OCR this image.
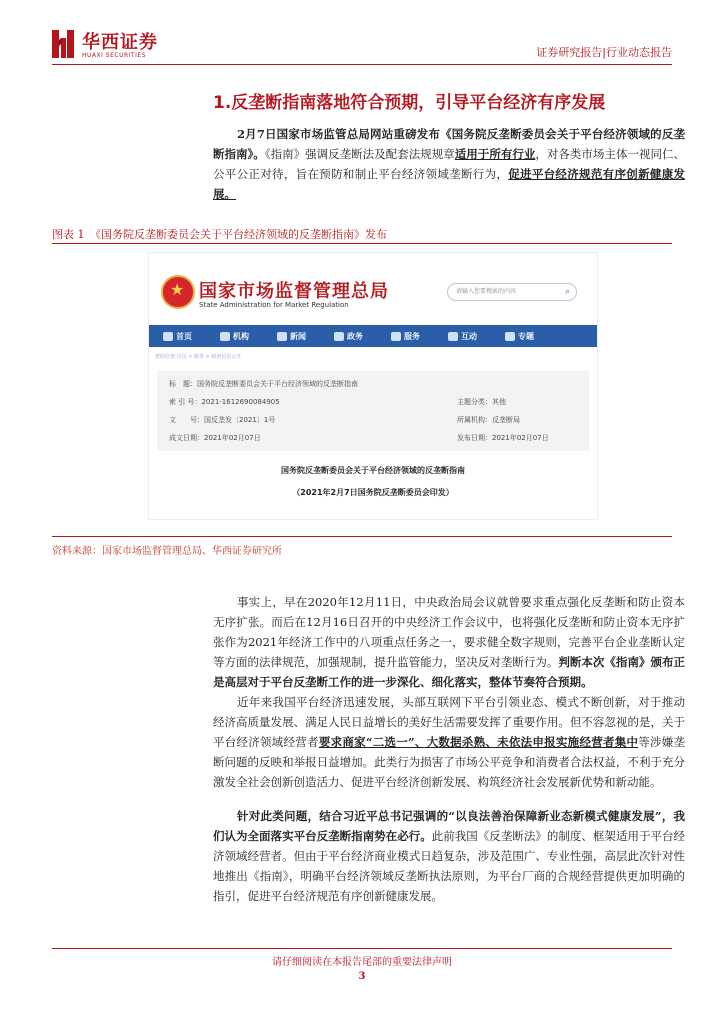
华西证券
HUAXI SECURITIES	证券研究报告|行业动态报告
1.反垄断指南落地符合预期，引导平台经济有序发展
2月7日国家市场监管总局网站重磅发布《国务院反垄断委员会关于平台经济领域的反垄断指南》。《指南》强调反垄断法及配套法规规章适用于所有行业，对各类市场主体一视同仁、公平公正对待，旨在预防和制止平台经济领域垄断行为，促进平台经济规范有序创新健康发展。
图表 1　《国务院反垄断委员会关于平台经济领域的反垄断指南》发布
★
国家市场监督管理总局
State Administration for Market Regulation
请输入您要搜索的内容	⌕
首页	机构	新闻	政务	服务	互动	专题
您的位置:首页 > 政务 > 政府信息公开
标　题：国务院反垄断委员会关于平台经济领域的反垄断指南
索 引 号：2021-1612690084905	主题分类：其他
文　　号：国反垄发〔2021〕1号	所属机构：反垄断局
成文日期：2021年02月07日	发布日期：2021年02月07日
国务院反垄断委员会关于平台经济领域的反垄断指南
（2021年2月7日国务院反垄断委员会印发）
资料来源：国家市场监督管理总局、华西证券研究所
事实上，早在2020年12月11日，中央政治局会议就曾要求重点强化反垄断和防止资本无序扩张。而后在12月16日召开的中央经济工作会议中，也将强化反垄断和防止资本无序扩张作为2021年经济工作中的八项重点任务之一，要求健全数字规则，完善平台企业垄断认定等方面的法律规范，加强规制，提升监管能力，坚决反对垄断行为。判断本次《指南》颁布正是高层对于平台反垄断工作的进一步深化、细化落实，整体节奏符合预期。
近年来我国平台经济迅速发展，头部互联网下平台引领业态、模式不断创新，对于推动经济高质量发展、满足人民日益增长的美好生活需要发挥了重要作用。但不容忽视的是，关于平台经济领域经营者要求商家“二选一”、大数据杀熟、未依法申报实施经营者集中等涉嫌垄断问题的反映和举报日益增加。此类行为损害了市场公平竞争和消费者合法权益，不利于充分激发全社会创新创造活力、促进平台经济创新发展、构筑经济社会发展新优势和新动能。
针对此类问题，结合习近平总书记强调的“以良法善治保障新业态新模式健康发展”，我们认为全面落实平台反垄断指南势在必行。此前我国《反垄断法》的制度、框架适用于平台经济领域经营者。但由于平台经济商业模式日趋复杂，涉及范围广、专业性强，高层此次针对性地推出《指南》，明确平台经济领域反垄断执法原则，为平台厂商的合规经营提供更加明确的指引，促进平台经济规范有序创新健康发展。
请仔细阅读在本报告尾部的重要法律声明
3
